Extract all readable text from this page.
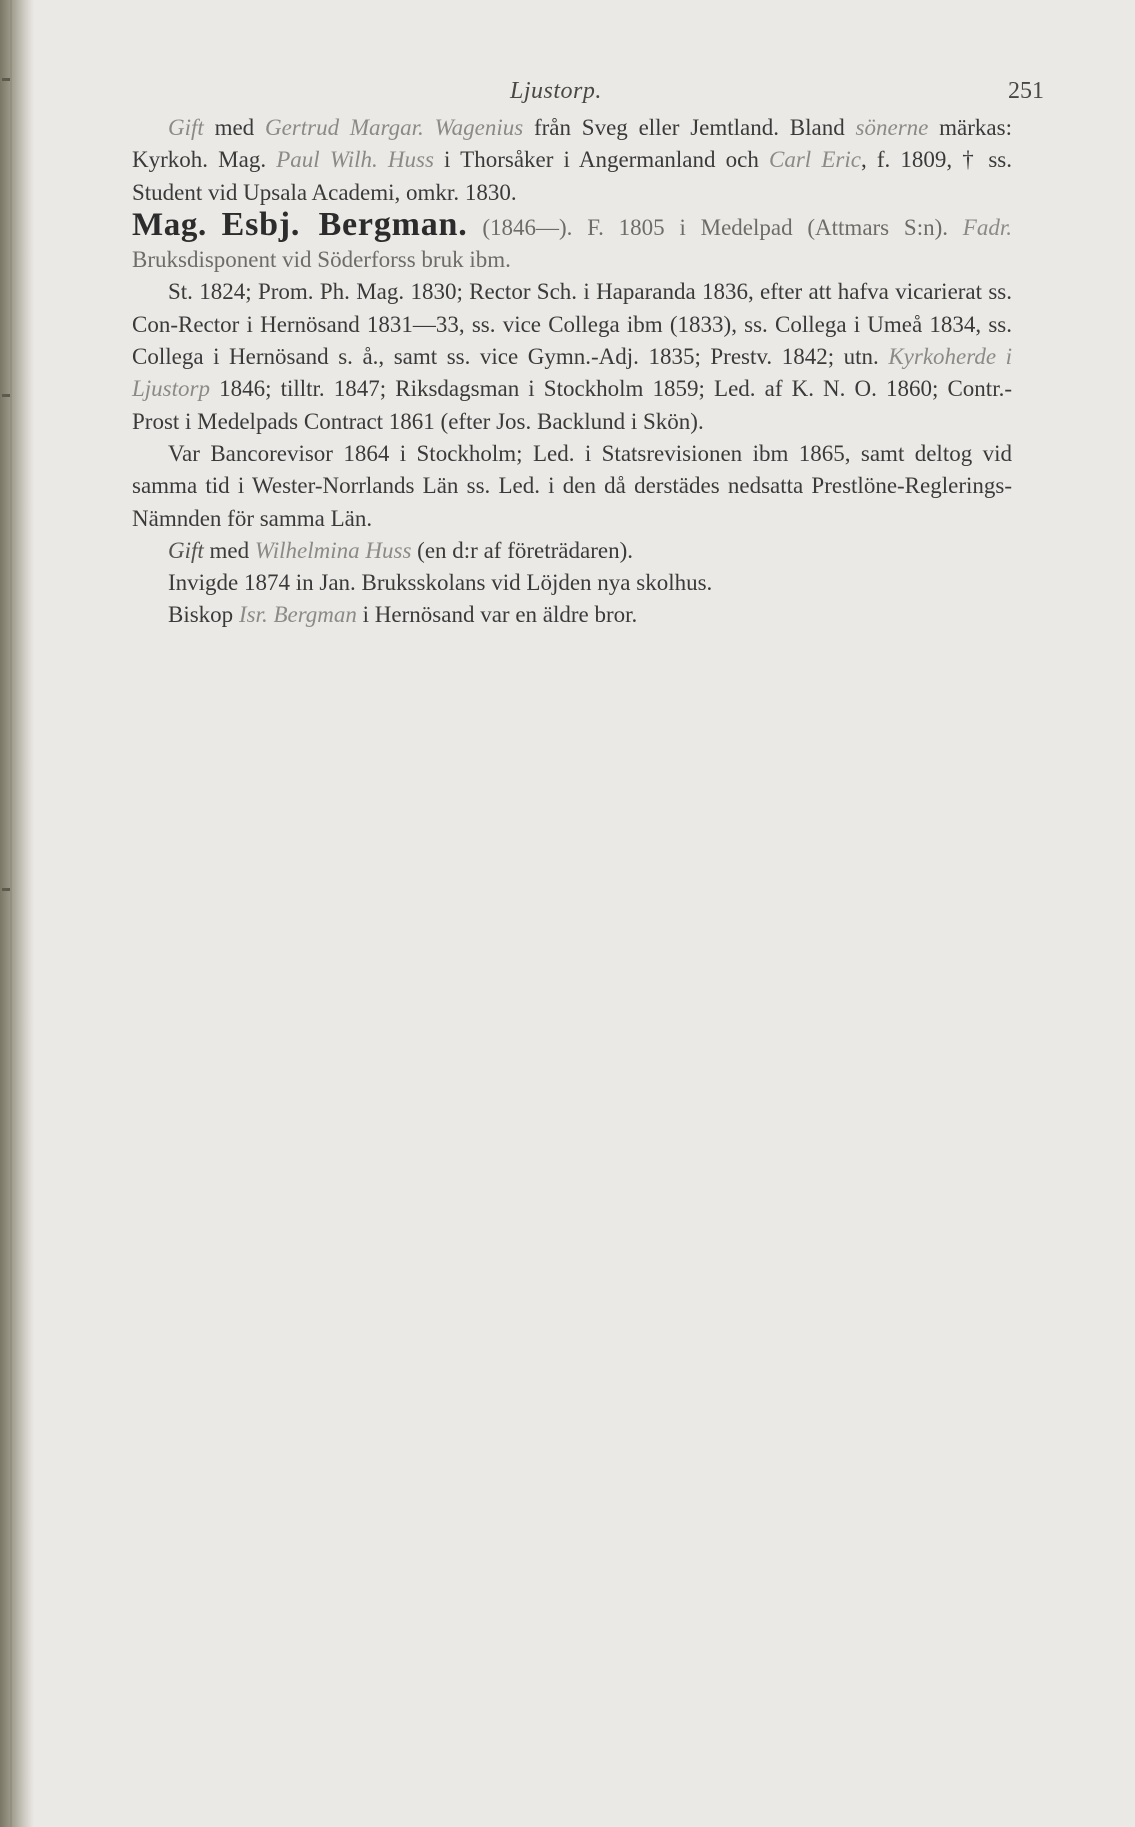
Ljustorp.	251

Gift med Gertrud Margar. Wagenius från Sveg eller Jemtland. Bland sönerne märkas: Kyrkoh. Mag. Paul Wilh. Huss i Thorsåker i Angermanland och Carl Eric, f. 1809, † ss. Student vid Upsala Academi, omkr. 1830.

Mag. Esbj. Bergman. (1846—). F. 1805 i Medelpad (Attmars S:n). Fadr. Bruksdisponent vid Söderforss bruk ibm.

St. 1824; Prom. Ph. Mag. 1830; Rector Sch. i Haparanda 1836, efter att hafva vicarierat ss. Con-Rector i Hernösand 1831—33, ss. vice Collega ibm (1833), ss. Collega i Umeå 1834, ss. Collega i Hernösand s. å., samt ss. vice Gymn.-Adj. 1835; Prestv. 1842; utn. Kyrkoherde i Ljustorp 1846; tilltr. 1847; Riksdagsman i Stockholm 1859; Led. af K. N. O. 1860; Contr.-Prost i Medelpads Contract 1861 (efter Jos. Backlund i Skön).

Var Bancorevisor 1864 i Stockholm; Led. i Statsrevisionen ibm 1865, samt deltog vid samma tid i Wester-Norrlands Län ss. Led. i den då derstädes nedsatta Prestlöne-Reglerings-Nämnden för samma Län.

Gift med Wilhelmina Huss (en d:r af företrädaren).

Invigde 1874 in Jan. Bruksskolans vid Löjden nya skolhus.

Biskop Isr. Bergman i Hernösand var en äldre bror.
